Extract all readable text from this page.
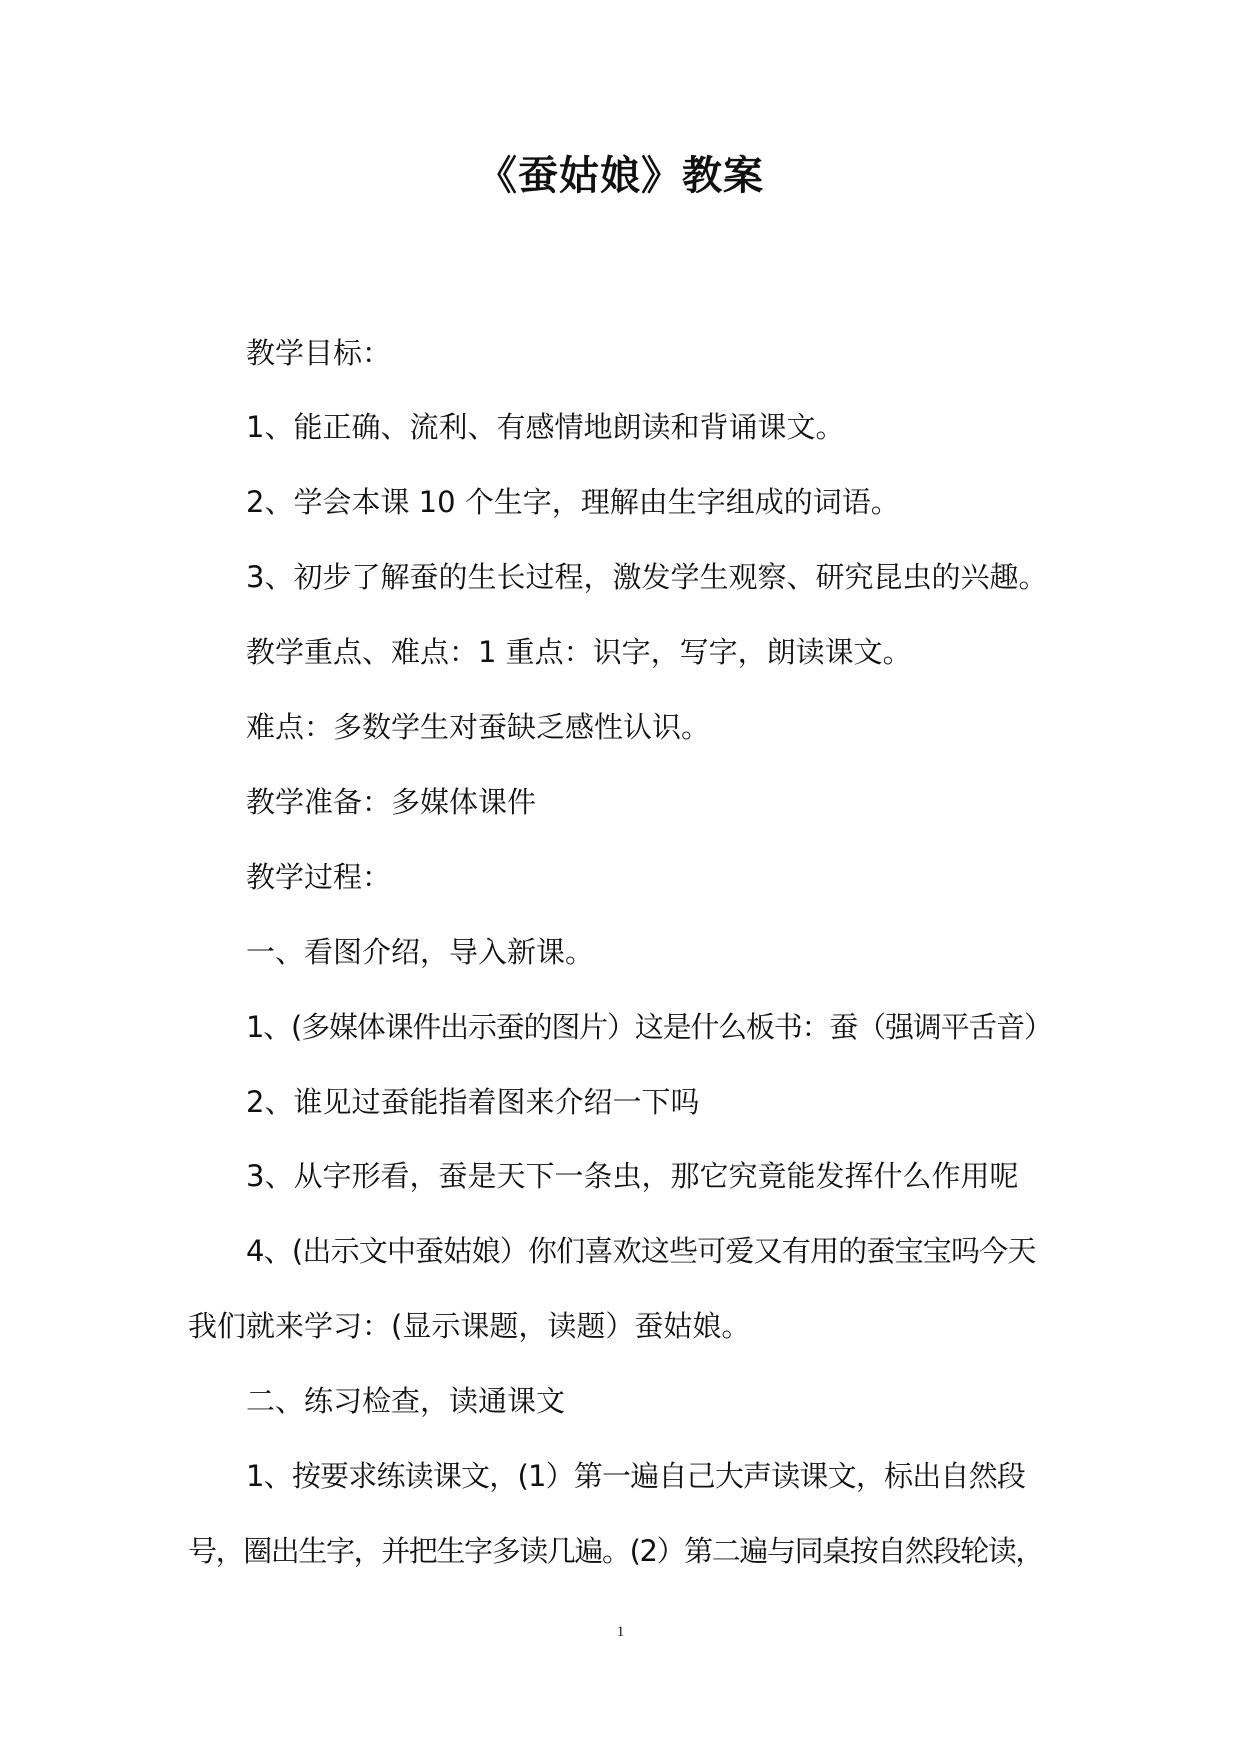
《蚕姑娘》教案
教学目标：
1、能正确、流利、有感情地朗读和背诵课文。
2、学会本课 10 个生字，理解由生字组成的词语。
3、初步了解蚕的生长过程，激发学生观察、研究昆虫的兴趣。
教学重点、难点：1 重点：识字，写字，朗读课文。
难点：多数学生对蚕缺乏感性认识。
教学准备：多媒体课件
教学过程：
一、看图介绍，导入新课。
1、(多媒体课件出示蚕的图片）这是什么板书：蚕（强调平舌音）
2、谁见过蚕能指着图来介绍一下吗
3、从字形看，蚕是天下一条虫，那它究竟能发挥什么作用呢
4、(出示文中蚕姑娘）你们喜欢这些可爱又有用的蚕宝宝吗今天
我们就来学习：(显示课题，读题）蚕姑娘。
二、练习检查，读通课文
1、按要求练读课文，(1）第一遍自己大声读课文，标出自然段
号，圈出生字，并把生字多读几遍。(2）第二遍与同桌按自然段轮读，
1
